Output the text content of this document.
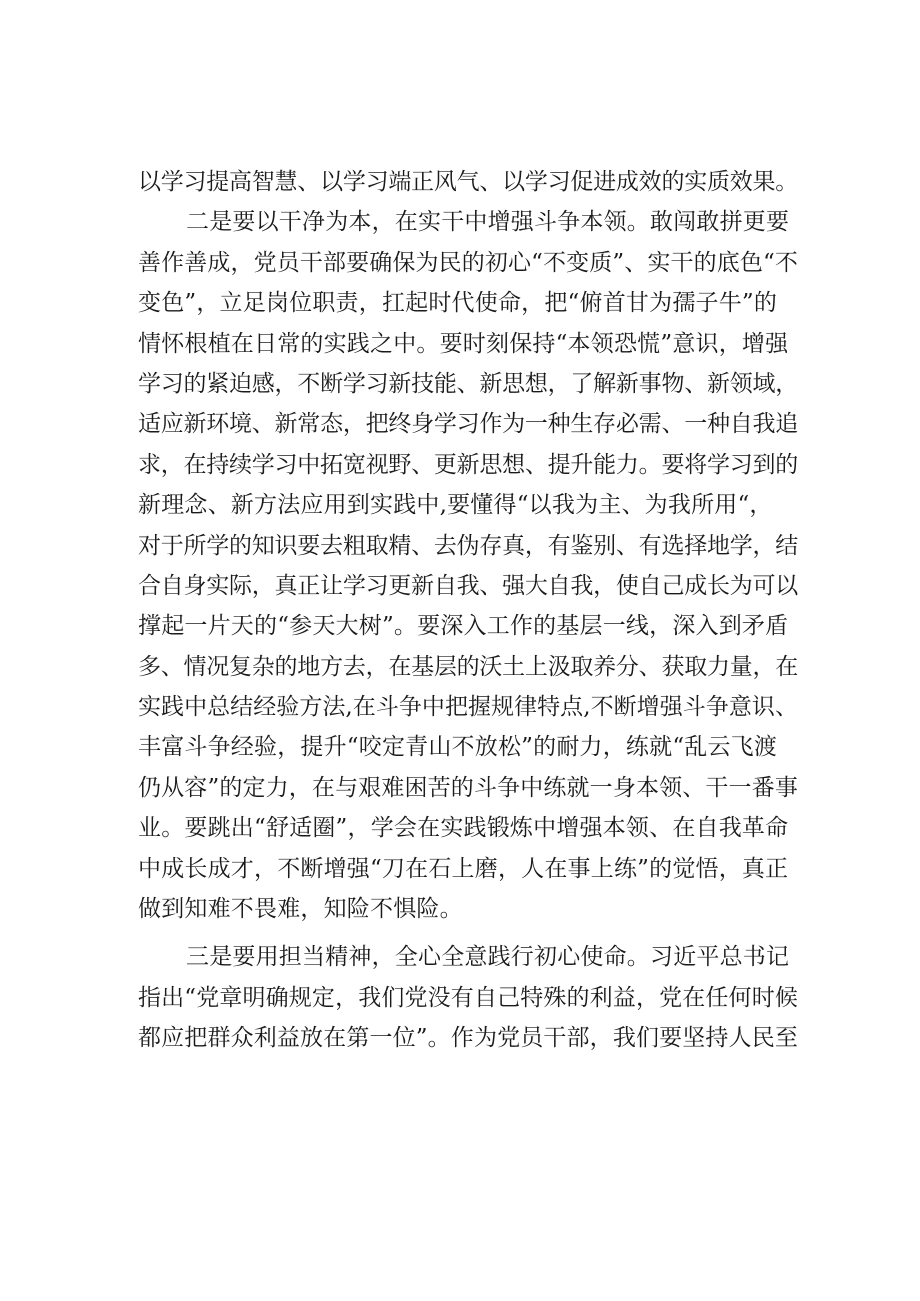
以学习提高智慧、以学习端正风气、以学习促进成效的实质效果。
二是要以干净为本，在实干中增强斗争本领。敢闯敢拼更要
善作善成，党员干部要确保为民的初心“不变质”、实干的底色“不
变色”，立足岗位职责，扛起时代使命，把“俯首甘为孺子牛”的
情怀根植在日常的实践之中。要时刻保持“本领恐慌”意识，增强
学习的紧迫感，不断学习新技能、新思想，了解新事物、新领域，
适应新环境、新常态，把终身学习作为一种生存必需、一种自我追
求，在持续学习中拓宽视野、更新思想、提升能力。要将学习到的
新理念、新方法应用到实践中,要懂得“以我为主、为我所用“，
对于所学的知识要去粗取精、去伪存真，有鉴别、有选择地学，结
合自身实际，真正让学习更新自我、强大自我，使自己成长为可以
撑起一片天的“参天大树”。要深入工作的基层一线，深入到矛盾
多、情况复杂的地方去，在基层的沃土上汲取养分、获取力量，在
实践中总结经验方法,在斗争中把握规律特点,不断增强斗争意识、
丰富斗争经验，提升“咬定青山不放松”的耐力，练就“乱云飞渡
仍从容”的定力，在与艰难困苦的斗争中练就一身本领、干一番事
业。要跳出“舒适圈”，学会在实践锻炼中增强本领、在自我革命
中成长成才，不断增强“刀在石上磨，人在事上练”的觉悟，真正
做到知难不畏难，知险不惧险。
三是要用担当精神，全心全意践行初心使命。习近平总书记
指出“党章明确规定，我们党没有自己特殊的利益，党在任何时候
都应把群众利益放在第一位”。作为党员干部，我们要坚持人民至
